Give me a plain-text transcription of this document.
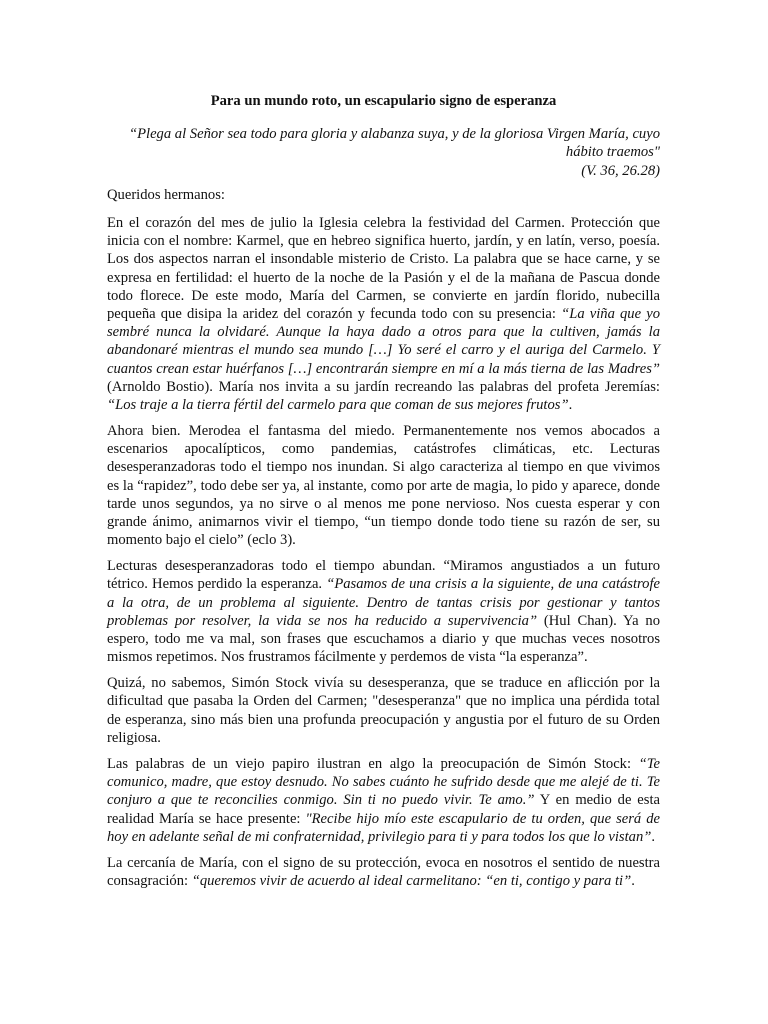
Para un mundo roto, un escapulario signo de esperanza
“Plega al Señor sea todo para gloria y alabanza suya, y de la gloriosa Virgen María, cuyo
hábito traemos"
(V. 36, 26.28)

Queridos hermanos:

En el corazón del mes de julio la Iglesia celebra la festividad del Carmen. Protección que inicia con el nombre: Karmel, que en hebreo significa huerto, jardín, y en latín, verso, poesía. Los dos aspectos narran el insondable misterio de Cristo. La palabra que se hace carne, y se expresa en fertilidad: el huerto de la noche de la Pasión y el de la mañana de Pascua donde todo florece. De este modo, María del Carmen, se convierte en jardín florido, nubecilla pequeña que disipa la aridez del corazón y fecunda todo con su presencia: “La viña que yo sembré nunca la olvidaré. Aunque la haya dado a otros para que la cultiven, jamás la abandonaré mientras el mundo sea mundo […] Yo seré el carro y el auriga del Carmelo. Y cuantos crean estar huérfanos […] encontrarán siempre en mí a la más tierna de las Madres” (Arnoldo Bostio). María nos invita a su jardín recreando las palabras del profeta Jeremías: “Los traje a la tierra fértil del carmelo para que coman de sus mejores frutos”.

Ahora bien. Merodea el fantasma del miedo. Permanentemente nos vemos abocados a escenarios apocalípticos, como pandemias, catástrofes climáticas, etc. Lecturas desesperanzadoras todo el tiempo nos inundan. Si algo caracteriza al tiempo en que vivimos es la “rapidez”, todo debe ser ya, al instante, como por arte de magia, lo pido y aparece, donde tarde unos segundos, ya no sirve o al menos me pone nervioso. Nos cuesta esperar y con grande ánimo, animarnos vivir el tiempo, “un tiempo donde todo tiene su razón de ser, su momento bajo el cielo” (eclo 3).

Lecturas desesperanzadoras todo el tiempo abundan. “Miramos angustiados a un futuro tétrico. Hemos perdido la esperanza. “Pasamos de una crisis a la siguiente, de una catástrofe a la otra, de un problema al siguiente. Dentro de tantas crisis por gestionar y tantos problemas por resolver, la vida se nos ha reducido a supervivencia” (Hul Chan). Ya no espero, todo me va mal, son frases que escuchamos a diario y que muchas veces nosotros mismos repetimos. Nos frustramos fácilmente y perdemos de vista “la esperanza”.

Quizá, no sabemos, Simón Stock vivía su desesperanza, que se traduce en aflicción por la dificultad que pasaba la Orden del Carmen; "desesperanza" que no implica una pérdida total de esperanza, sino más bien una profunda preocupación y angustia por el futuro de su Orden religiosa.

Las palabras de un viejo papiro ilustran en algo la preocupación de Simón Stock: “Te comunico, madre, que estoy desnudo. No sabes cuánto he sufrido desde que me alejé de ti. Te conjuro a que te reconcilies conmigo. Sin ti no puedo vivir. Te amo.” Y en medio de esta realidad María se hace presente: "Recibe hijo mío este escapulario de tu orden, que será de hoy en adelante señal de mi confraternidad, privilegio para ti y para todos los que lo vistan”.

La cercanía de María, con el signo de su protección, evoca en nosotros el sentido de nuestra consagración: “queremos vivir de acuerdo al ideal carmelitano: “en ti, contigo y para ti”.
